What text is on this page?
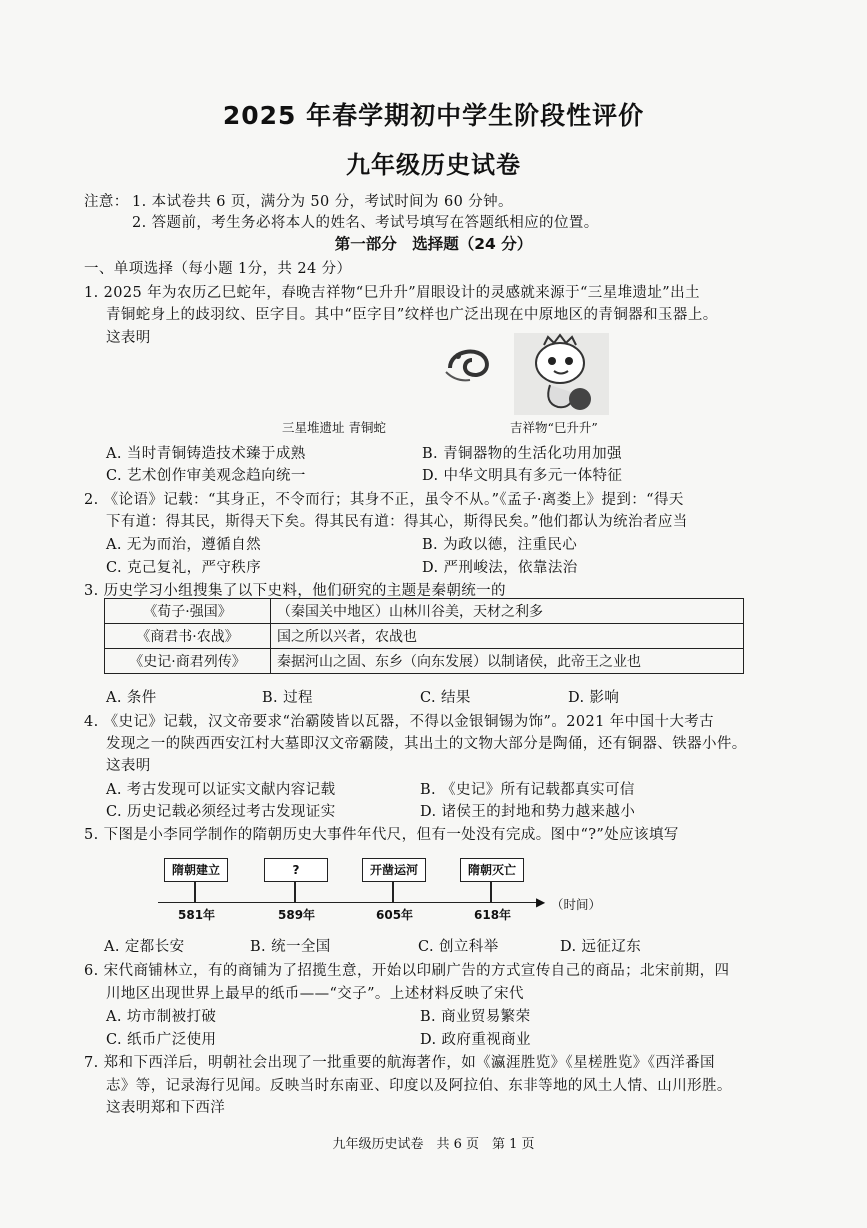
2025 年春学期初中学生阶段性评价
九年级历史试卷
注意： 1. 本试卷共 6 页，满分为 50 分，考试时间为 60 分钟。
2. 答题前，考生务必将本人的姓名、考试号填写在答题纸相应的位置。
第一部分　选择题（24 分）
一、单项选择（每小题 1分，共 24 分）
1. 2025 年为农历乙巳蛇年，春晚吉祥物“巳升升”眉眼设计的灵感就来源于“三星堆遗址”出土
青铜蛇身上的歧羽纹、臣字目。其中“臣字目”纹样也广泛出现在中原地区的青铜器和玉器上。
这表明
三星堆遗址 青铜蛇	吉祥物“巳升升”
A. 当时青铜铸造技术臻于成熟	B. 青铜器物的生活化功用加强
C. 艺术创作审美观念趋向统一	D. 中华文明具有多元一体特征
2. 《论语》记载：“其身正，不令而行；其身不正，虽令不从。”《孟子·离娄上》提到：“得天
下有道：得其民，斯得天下矣。得其民有道：得其心，斯得民矣。”他们都认为统治者应当
A. 无为而治，遵循自然	B. 为政以德，注重民心
C. 克己复礼，严守秩序	D. 严刑峻法，依靠法治
3. 历史学习小组搜集了以下史料，他们研究的主题是秦朝统一的
《荀子·强国》	（秦国关中地区）山林川谷美，天材之利多
《商君书·农战》	国之所以兴者，农战也
《史记·商君列传》	秦据河山之固、东乡（向东发展）以制诸侯，此帝王之业也
A. 条件	B. 过程	C. 结果	D. 影响
4. 《史记》记载，汉文帝要求“治霸陵皆以瓦器，不得以金银铜锡为饰”。2021 年中国十大考古
发现之一的陕西西安江村大墓即汉文帝霸陵，其出土的文物大部分是陶俑，还有铜器、铁器小件。
这表明
A. 考古发现可以证实文献内容记载	B. 《史记》所有记载都真实可信
C. 历史记载必须经过考古发现证实	D. 诸侯王的封地和势力越来越小
5. 下图是小李同学制作的隋朝历史大事件年代尺，但有一处没有完成。图中“?”处应该填写
隋朝建立	?	开凿运河	隋朝灭亡
▶ （时间）
581年	589年	605年	618年
A. 定都长安	B. 统一全国	C. 创立科举	D. 远征辽东
6. 宋代商铺林立，有的商铺为了招揽生意，开始以印刷广告的方式宣传自己的商品；北宋前期，四
川地区出现世界上最早的纸币——“交子”。上述材料反映了宋代
A. 坊市制被打破	B. 商业贸易繁荣
C. 纸币广泛使用	D. 政府重视商业
7. 郑和下西洋后，明朝社会出现了一批重要的航海著作，如《瀛涯胜览》《星槎胜览》《西洋番国
志》等，记录海行见闻。反映当时东南亚、印度以及阿拉伯、东非等地的风土人情、山川形胜。
这表明郑和下西洋
九年级历史试卷　共 6 页　第 1 页
